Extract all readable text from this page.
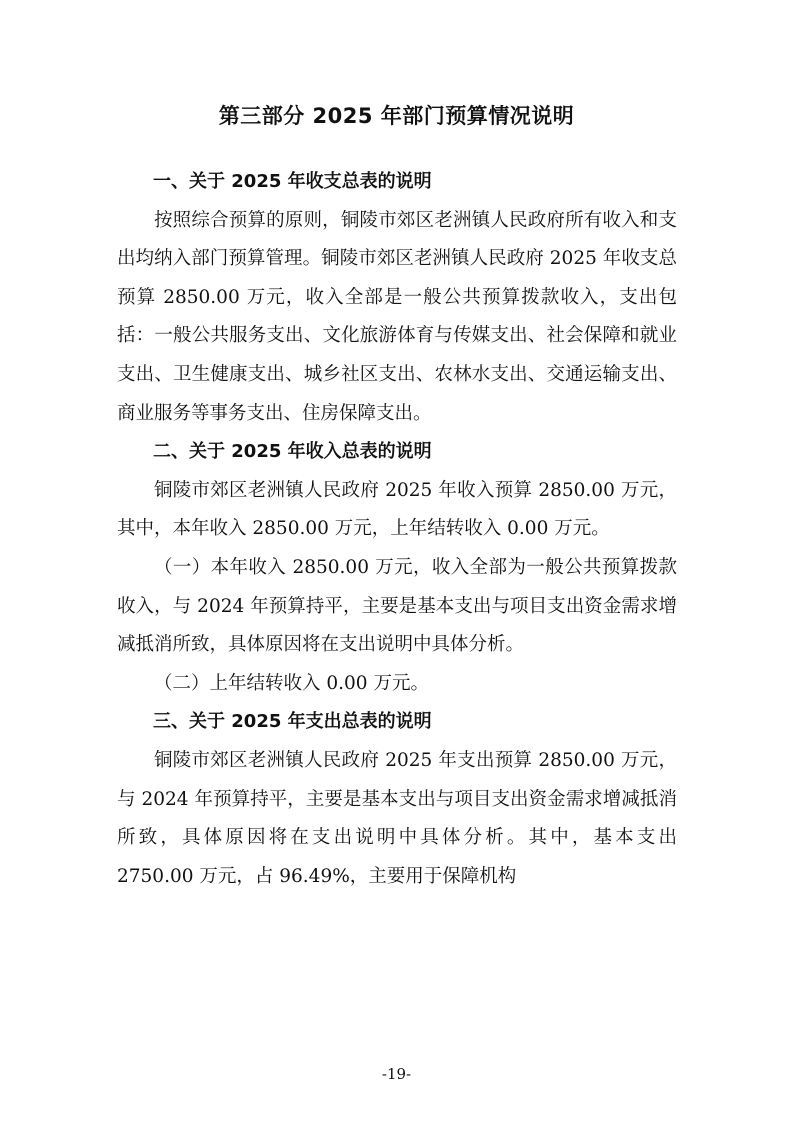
第三部分 2025 年部门预算情况说明

一、关于 2025 年收支总表的说明

按照综合预算的原则，铜陵市郊区老洲镇人民政府所有收入和支出均纳入部门预算管理。铜陵市郊区老洲镇人民政府 2025 年收支总预算 2850.00 万元，收入全部是一般公共预算拨款收入，支出包括：一般公共服务支出、文化旅游体育与传媒支出、社会保障和就业支出、卫生健康支出、城乡社区支出、农林水支出、交通运输支出、商业服务等事务支出、住房保障支出。

二、关于 2025 年收入总表的说明

铜陵市郊区老洲镇人民政府 2025 年收入预算 2850.00 万元，其中，本年收入 2850.00 万元，上年结转收入 0.00 万元。

（一）本年收入 2850.00 万元，收入全部为一般公共预算拨款收入，与 2024 年预算持平，主要是基本支出与项目支出资金需求增减抵消所致，具体原因将在支出说明中具体分析。

（二）上年结转收入 0.00 万元。

三、关于 2025 年支出总表的说明

铜陵市郊区老洲镇人民政府 2025 年支出预算 2850.00 万元，与 2024 年预算持平，主要是基本支出与项目支出资金需求增减抵消所致，具体原因将在支出说明中具体分析。其中，基本支出 2750.00 万元，占 96.49%，主要用于保障机构

-19-
